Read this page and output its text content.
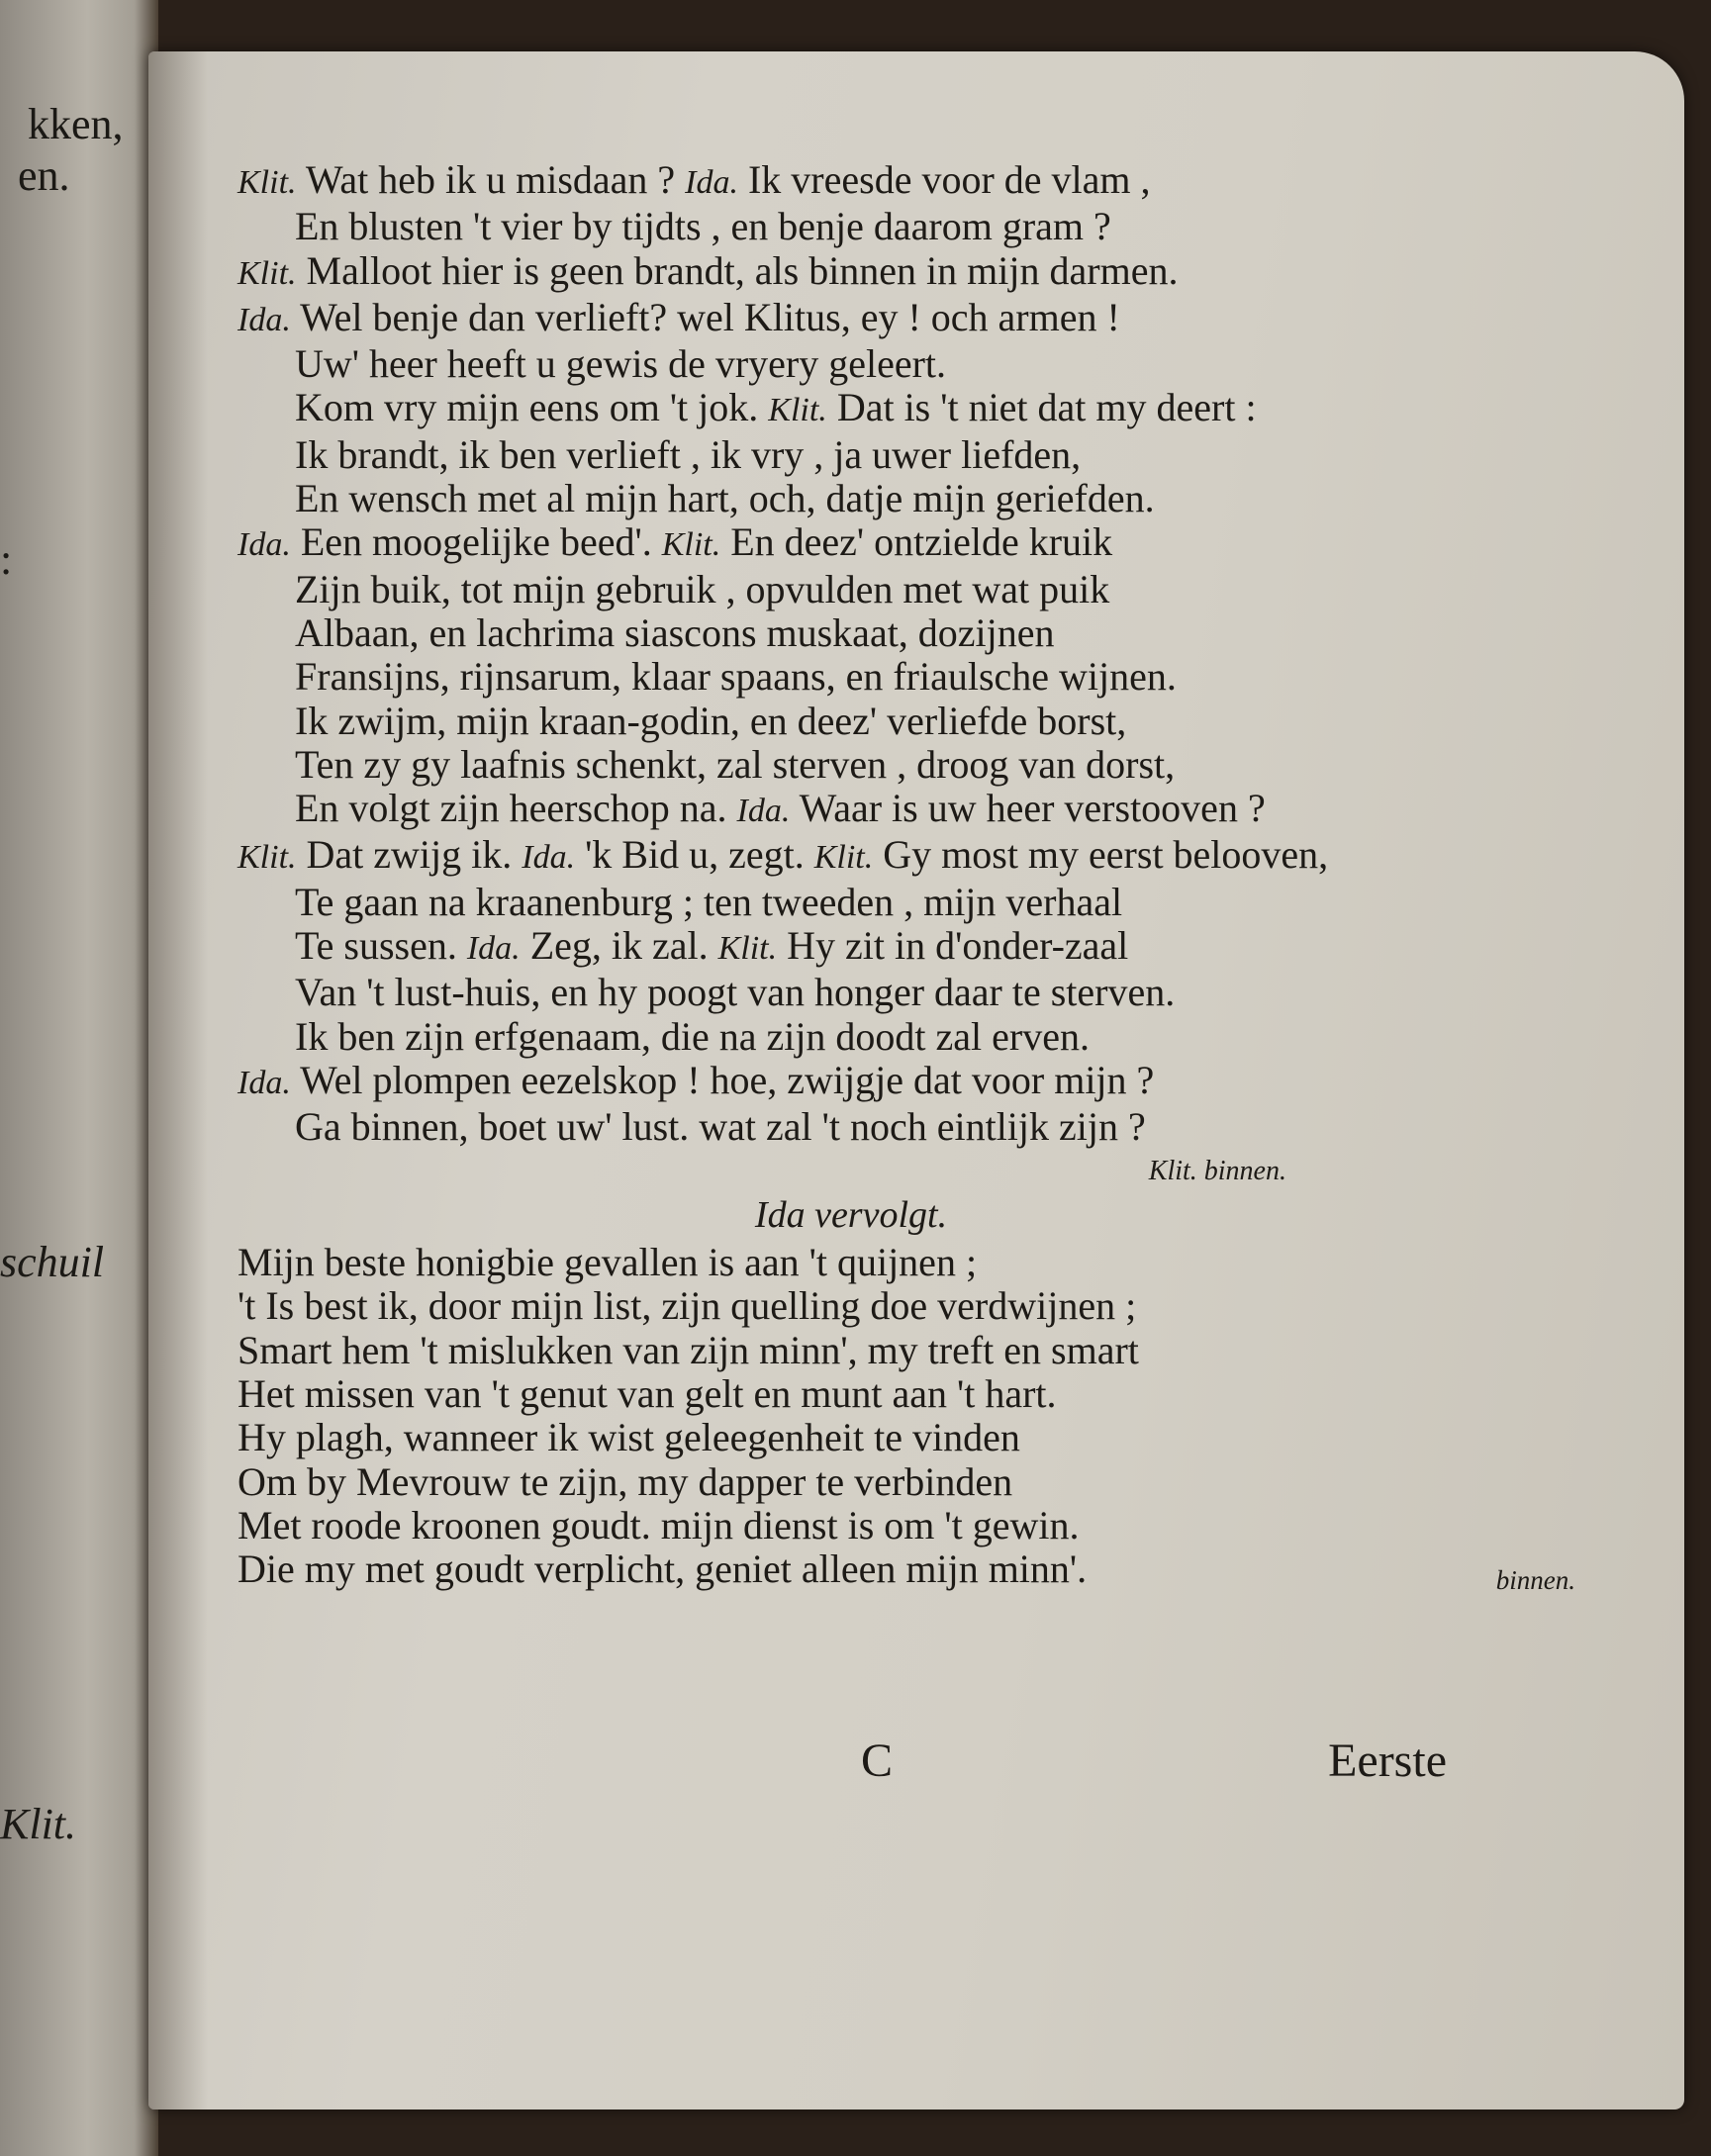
kken,
en.
:
schuil
Klit.
Klit. Wat heb ik u misdaan ? Ida. Ik vreesde voor de vlam ,
En blusten 't vier by tijdts , en benje daarom gram ?
Klit. Malloot hier is geen brandt, als binnen in mijn darmen.
Ida. Wel benje dan verlieft? wel Klitus, ey ! och armen !
Uw' heer heeft u gewis de vryery geleert.
Kom vry mijn eens om 't jok. Klit. Dat is 't niet dat my deert :
Ik brandt, ik ben verlieft , ik vry , ja uwer liefden,
En wensch met al mijn hart, och, datje mijn geriefden.
Ida. Een moogelijke beed'. Klit. En deez' ontzielde kruik
Zijn buik, tot mijn gebruik , opvulden met wat puik
Albaan, en lachrima siascons muskaat, dozijnen
Fransijns, rijnsarum, klaar spaans, en friaulsche wijnen.
Ik zwijm, mijn kraan-godin, en deez' verliefde borst,
Ten zy gy laafnis schenkt, zal sterven , droog van dorst,
En volgt zijn heerschop na. Ida. Waar is uw heer verstooven ?
Klit. Dat zwijg ik. Ida. 'k Bid u, zegt. Klit. Gy most my eerst belooven,
Te gaan na kraanenburg ; ten tweeden , mijn verhaal
Te sussen. Ida. Zeg, ik zal. Klit. Hy zit in d'onder-zaal
Van 't lust-huis, en hy poogt van honger daar te sterven.
Ik ben zijn erfgenaam, die na zijn doodt zal erven.
Ida. Wel plompen eezelskop ! hoe, zwijgje dat voor mijn ?
Ga binnen, boet uw' lust. wat zal 't noch eintlijk zijn ?
Klit. binnen.
Ida vervolgt.
Mijn beste honigbie gevallen is aan 't quijnen ;
't Is best ik, door mijn list, zijn quelling doe verdwijnen ;
Smart hem 't mislukken van zijn minn', my treft en smart
Het missen van 't genut van gelt en munt aan 't hart.
Hy plagh, wanneer ik wist geleegenheit te vinden
Om by Mevrouw te zijn, my dapper te verbinden
Met roode kroonen goudt. mijn dienst is om 't gewin.
Die my met goudt verplicht, geniet alleen mijn minn'.	binnen.
C	Eerste
